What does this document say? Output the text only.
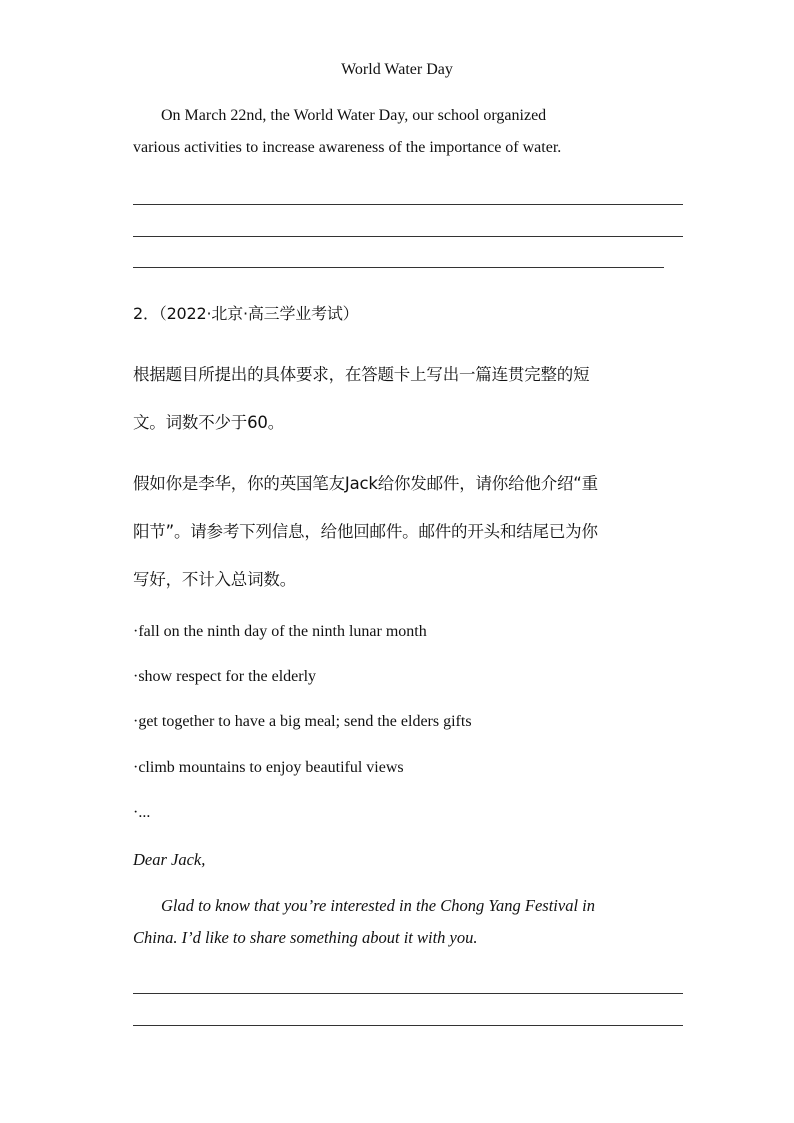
World Water Day
On March 22nd, the World Water Day, our school organized
various activities to increase awareness of the importance of water.
2．（2022·北京·高三学业考试）
根据题目所提出的具体要求，在答题卡上写出一篇连贯完整的短
文。词数不少于60。
假如你是李华，你的英国笔友Jack给你发邮件，请你给他介绍“重
阳节”。请参考下列信息，给他回邮件。邮件的开头和结尾已为你
写好，不计入总词数。
·fall on the ninth day of the ninth lunar month
·show respect for the elderly
·get together to have a big meal; send the elders gifts
·climb mountains to enjoy beautiful views
·...
Dear Jack,
Glad to know that you’re interested in the Chong Yang Festival in
China. I’d like to share something about it with you.
